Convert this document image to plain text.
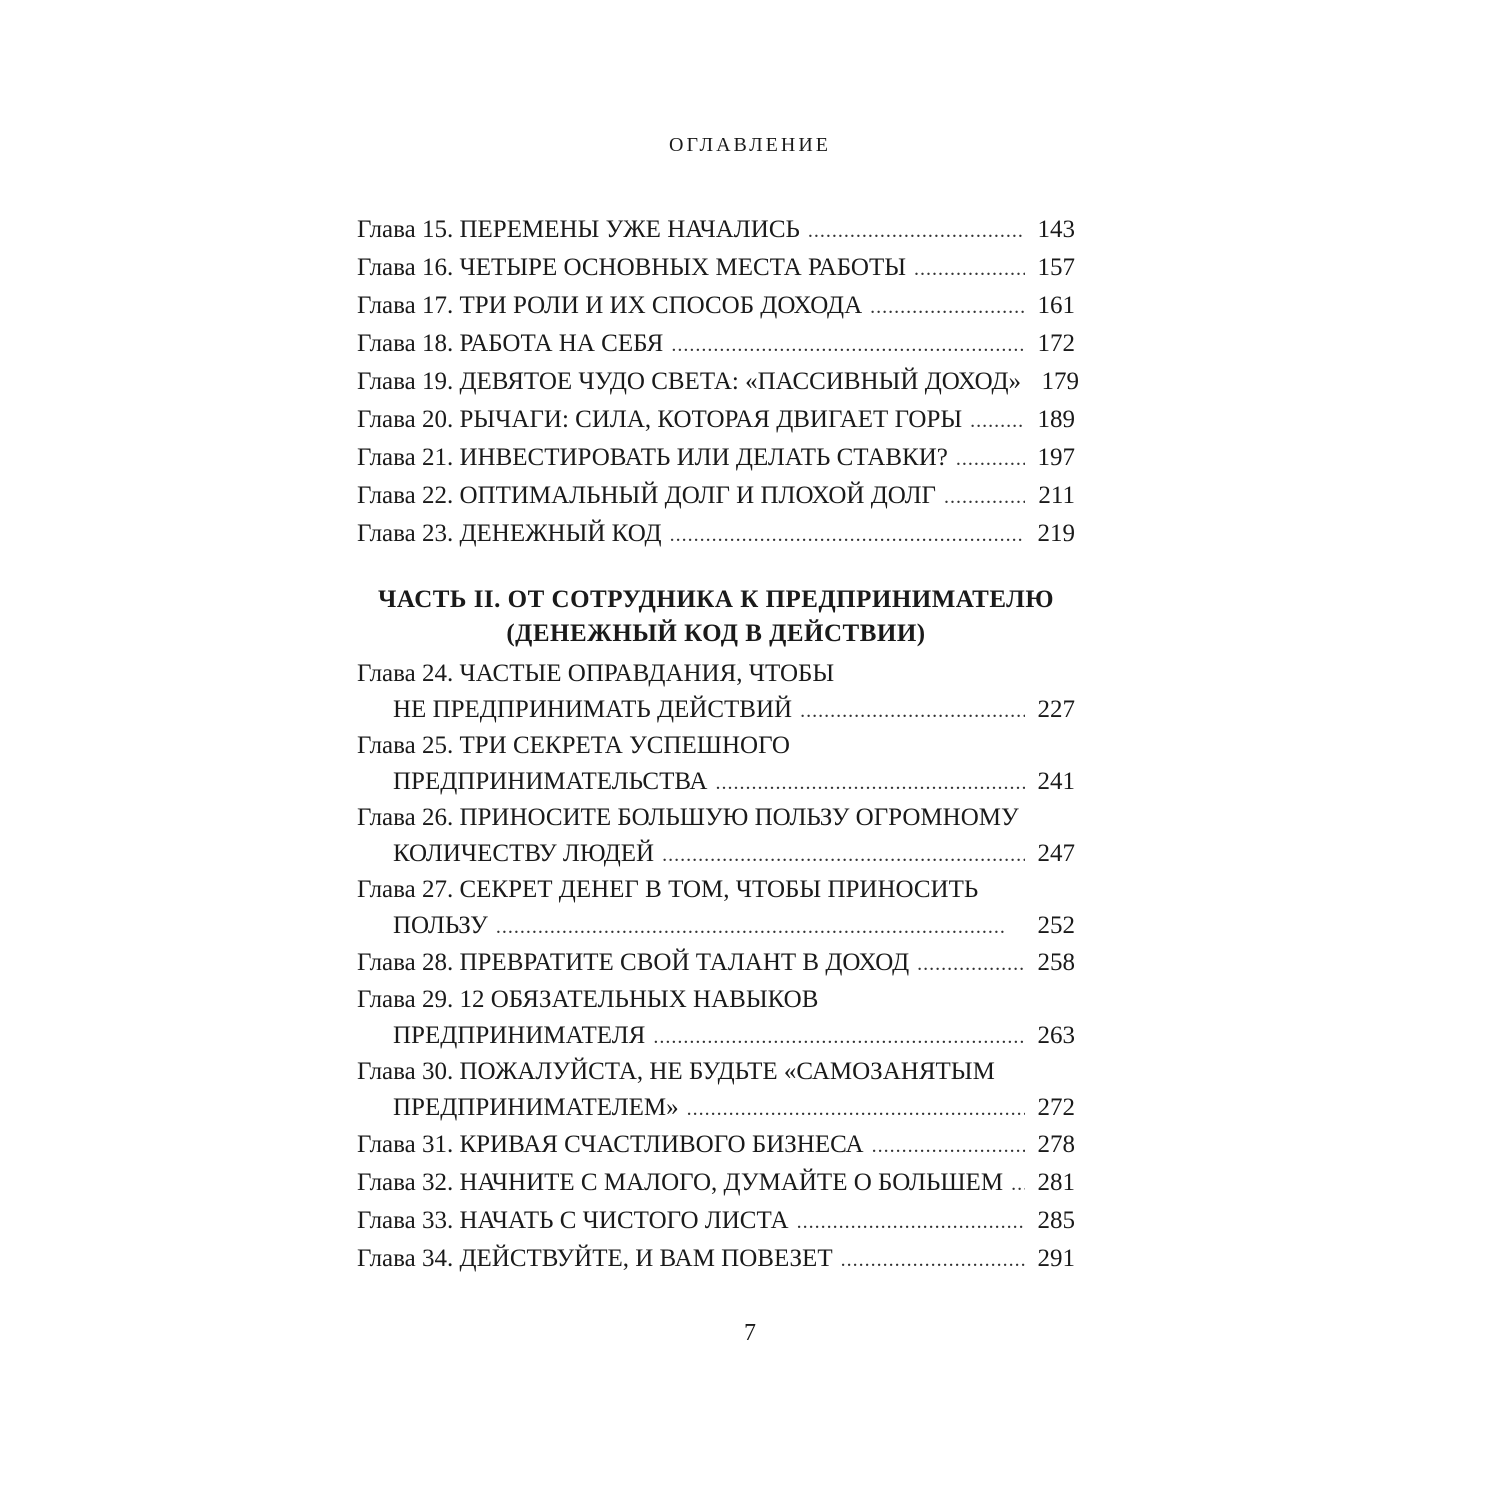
ОГЛАВЛЕНИЕ
Глава 15.
ПЕРЕМЕНЫ УЖЕ НАЧАЛИСЬ . . .	143
Глава 16.
ЧЕТЫРЕ ОСНОВНЫХ МЕСТА РАБОТЫ . . .	157
Глава 17.
ТРИ РОЛИ И ИХ СПОСОБ ДОХОДА . . .	161
Глава 18.
РАБОТА НА СЕБЯ . . .	172
Глава 19.
ДЕВЯТОЕ ЧУДО СВЕТА: «ПАССИВНЫЙ ДОХОД» 179
Глава 20.
РЫЧАГИ: СИЛА, КОТОРАЯ ДВИГАЕТ ГОРЫ . . .	189
Глава 21.
ИНВЕСТИРОВАТЬ ИЛИ ДЕЛАТЬ СТАВКИ? . . .	197
Глава 22.
ОПТИМАЛЬНЫЙ ДОЛГ И ПЛОХОЙ ДОЛГ . . .	211
Глава 23.
ДЕНЕЖНЫЙ КОД . . .	219
ЧАСТЬ II. ОТ СОТРУДНИКА К ПРЕДПРИНИМАТЕЛЮ
(ДЕНЕЖНЫЙ КОД В ДЕЙСТВИИ)
Глава 24.
ЧАСТЫЕ ОПРАВДАНИЯ, ЧТОБЫ
НЕ ПРЕДПРИНИМАТЬ ДЕЙСТВИЙ . . .	227
Глава 25.
ТРИ СЕКРЕТА УСПЕШНОГО
ПРЕДПРИНИМАТЕЛЬСТВА . . .	241
Глава 26.
ПРИНОСИТЕ БОЛЬШУЮ ПОЛЬЗУ ОГРОМНОМУ
КОЛИЧЕСТВУ ЛЮДЕЙ . . .	247
Глава 27.
СЕКРЕТ ДЕНЕГ В ТОМ, ЧТОБЫ ПРИНОСИТЬ
ПОЛЬЗУ . . .	252
Глава 28.
ПРЕВРАТИТЕ СВОЙ ТАЛАНТ В ДОХОД . . .	258
Глава 29.
12 ОБЯЗАТЕЛЬНЫХ НАВЫКОВ
ПРЕДПРИНИМАТЕЛЯ . . .	263
Глава 30.
ПОЖАЛУЙСТА, НЕ БУДЬТЕ «САМОЗАНЯТЫМ
ПРЕДПРИНИМАТЕЛЕМ» . . .	272
Глава 31.
КРИВАЯ СЧАСТЛИВОГО БИЗНЕСА . . .	278
Глава 32.
НАЧНИТЕ С МАЛОГО, ДУМАЙТЕ О БОЛЬШЕМ . . . 281
Глава 33.
НАЧАТЬ С ЧИСТОГО ЛИСТА . . .	285
Глава 34.
ДЕЙСТВУЙТЕ, И ВАМ ПОВЕЗЕТ . . .	291
7
